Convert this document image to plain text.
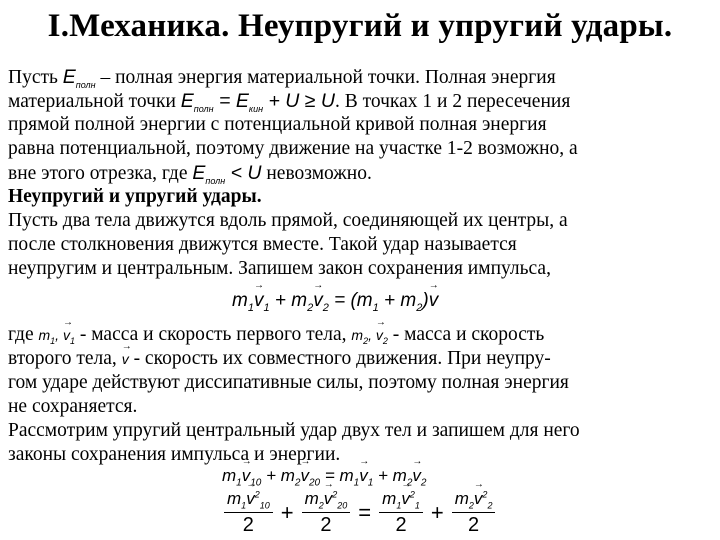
I.Механика. Неупругий и упругий удары.
Пусть $E_{полн}$ – полная энергия материальной точки. Полная энергия
материальной точки $E_{полн} = E_{кин} + U \ge U$. В точках 1 и 2 пересечения
прямой полной энергии с потенциальной кривой полная энергия
равна потенциальной, поэтому движение на участке 1-2 возможно, а
вне этого отрезка, где $E_{полн} < U$ невозможно.
Неупругий и упругий удары.
Пусть два тела движутся вдоль прямой, соединяющей их центры, а
после столкновения движутся вместе. Такой удар называется
неупругим и центральным. Запишем закон сохранения импульса,
$m_1\to v_1 + m_2\to v_2 = (m_1 + m_2)\to v$
где $m_1$, → $v_1$ - масса и скорость первого тела, $m_2$, → $v_2$ - масса и скорость
второго тела, → v - скорость их совместного движения. При неупру-
гом ударе действуют диссипативные силы, поэтому полная энергия
не сохраняется.
Рассмотрим упругий центральный удар двух тел и запишем для него
законы сохранения импульса и энергии.
$m_1\to v_{10} + m_2\to v_{20} = m_1\to v_1 + m_2\to v_2$
$\frac{m_1\to v^2_{10}}{2} + \frac{m_2\to v^2_{20}}{2} = \frac{m_1\to v^2_1}{2} + \frac{m_2\to v^2_2}{2}$
